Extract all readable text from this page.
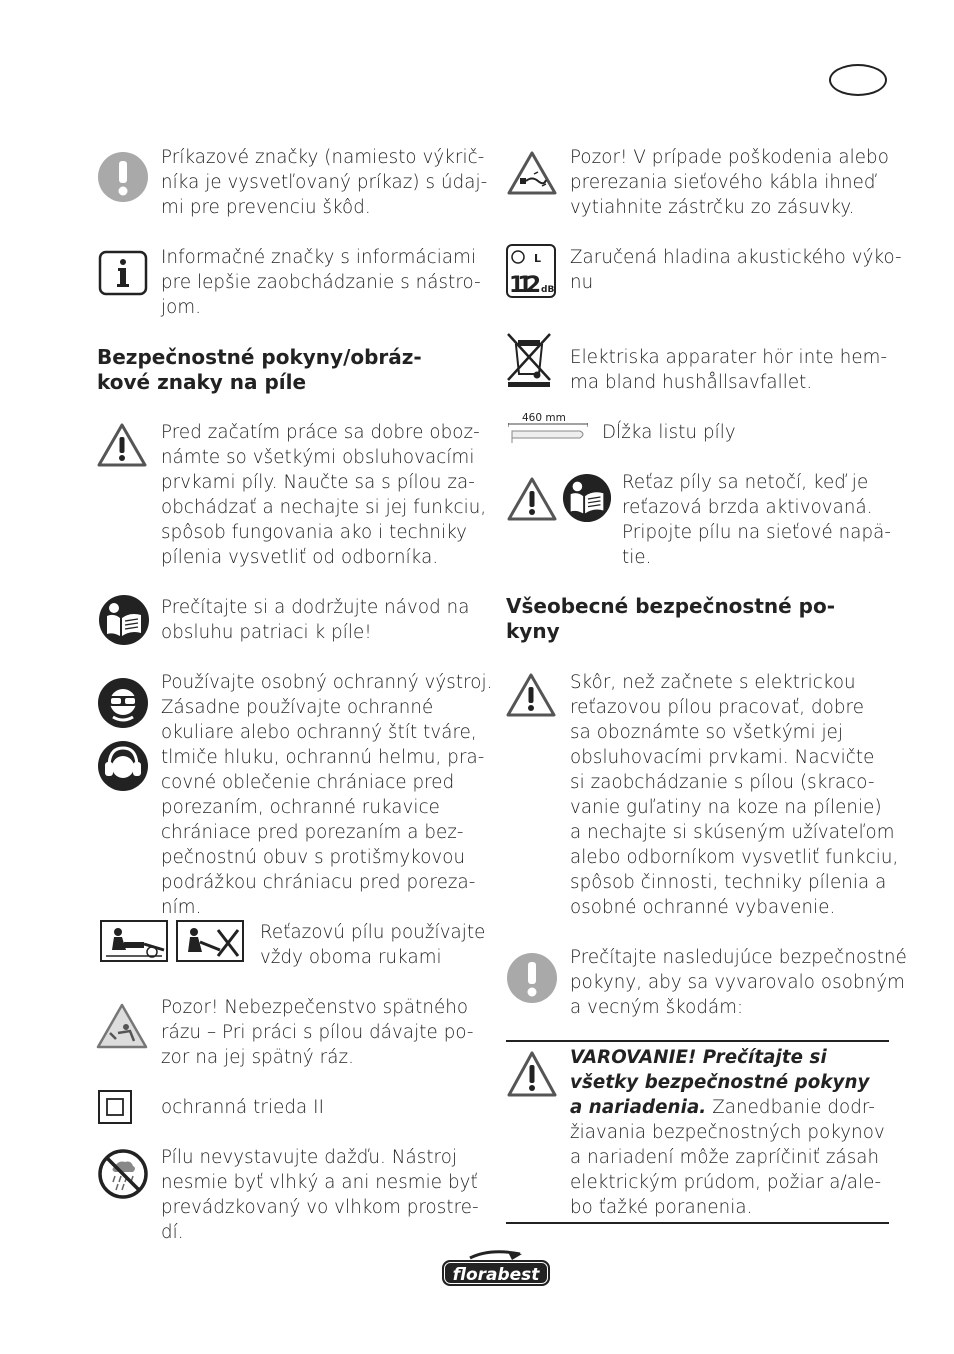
Príkazové značky (namiesto výkrič-
níka je vysvetľovaný príkaz) s údaj-
mi pre prevenciu škôd.
Informačné značky s informáciami
pre lepšie zaobchádzanie s nástro-
jom.
Bezpečnostné pokyny/obráz-
kové znaky na píle
Pred začatím práce sa dobre oboz-
námte so všetkými obsluhovacími
prvkami píly. Naučte sa s pílou za-
obchádzať a nechajte si jej funkciu,
spôsob fungovania ako i techniky
pílenia vysvetliť od odborníka.
Prečítajte si a dodržujte návod na
obsluhu patriaci k píle!
Používajte osobný ochranný výstroj.
Zásadne používajte ochranné
okuliare alebo ochranný štít tváre,
tlmiče hluku, ochrannú helmu, pra-
covné oblečenie chrániace pred
porezaním, ochranné rukavice
chrániace pred porezaním a bez-
pečnostnú obuv s protišmykovou
podrážkou chrániacu pred poreza-
ním.
Reťazovú pílu používajte
vždy oboma rukami
Pozor! Nebezpečenstvo spätného
rázu – Pri práci s pílou dávajte po-
zor na jej spätný ráz.
ochranná trieda II
Pílu nevystavujte dažďu. Nástroj
nesmie byť vlhký a ani nesmie byť
prevádzkovaný vo vlhkom prostre-
dí.
Pozor! V prípade poškodenia alebo
prerezania sieťového kábla ihneď
vytiahnite zástrčku zo zásuvky.
L
112 dB
Zaručená hladina akustického výko-
nu
Elektriska apparater hör inte hem-
ma bland hushållsavfallet.
460 mm
Dĺžka listu píly
Reťaz píly sa netočí, keď je
reťazová brzda aktivovaná.
Pripojte pílu na sieťové napä-
tie.
Všeobecné bezpečnostné po-
kyny
Skôr, než začnete s elektrickou
reťazovou pílou pracovať, dobre
sa oboznámte so všetkými jej
obsluhovacími prvkami. Nacvičte
si zaobchádzanie s pílou (skraco-
vanie guľatiny na koze na pílenie)
a nechajte si skúseným užívateľom
alebo odborníkom vysvetliť funkciu,
spôsob činnosti, techniky pílenia a
osobné ochranné vybavenie.
Prečítajte nasledujúce bezpečnostné
pokyny, aby sa vyvarovalo osobným
a vecným škodám:
VAROVANIE! Prečítajte si
všetky bezpečnostné pokyny
a nariadenia. Zanedbanie dodr-
žiavania bezpečnostných pokynov
a nariadení môže zapríčiniť zásah
elektrickým prúdom, požiar a/ale-
bo ťažké poranenia.
florabest
